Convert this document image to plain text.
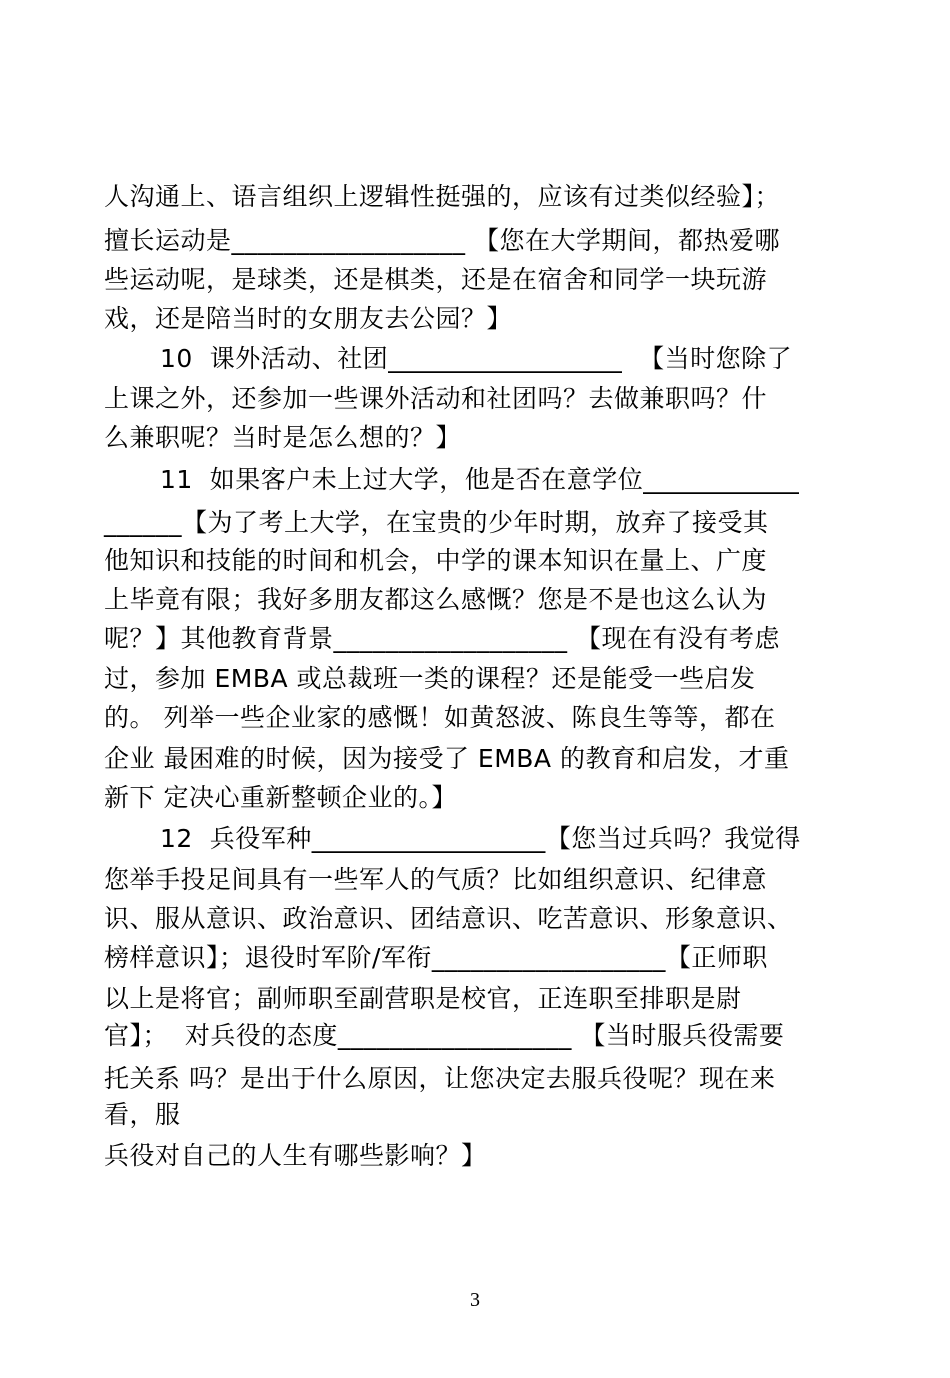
人沟通上、语言组织上逻辑性挺强的，应该有过类似经验】；
擅长运动是__________________ 【您在大学期间，都热爱哪
些运动呢，是球类，还是棋类，还是在宿舍和同学一块玩游
戏，还是陪当时的女朋友去公园？】
10  课外活动、社团__________________  【当时您除了
上课之外，还参加一些课外活动和社团吗？去做兼职吗？什
么兼职呢？当时是怎么想的？】
11  如果客户未上过大学，他是否在意学位____________
______【为了考上大学，在宝贵的少年时期，放弃了接受其
他知识和技能的时间和机会，中学的课本知识在量上、广度
上毕竟有限；我好多朋友都这么感慨？您是不是也这么认为
呢？】其他教育背景__________________ 【现在有没有考虑
过，参加 EMBA 或总裁班一类的课程？还是能受一些启发
的。 列举一些企业家的感慨！如黄怒波、陈良生等等，都在
企业 最困难的时候，因为接受了 EMBA 的教育和启发，才重
新下 定决心重新整顿企业的。】
12  兵役军种__________________【您当过兵吗？我觉得
您举手投足间具有一些军人的气质？比如组织意识、纪律意
识、服从意识、政治意识、团结意识、吃苦意识、形象意识、
榜样意识】；退役时军阶/军衔__________________【正师职
以上是将官；副师职至副营职是校官，正连职至排职是尉
官】；  对兵役的态度__________________ 【当时服兵役需要
托关系 吗？是出于什么原因，让您决定去服兵役呢？现在来
看，服
兵役对自己的人生有哪些影响？】
3
